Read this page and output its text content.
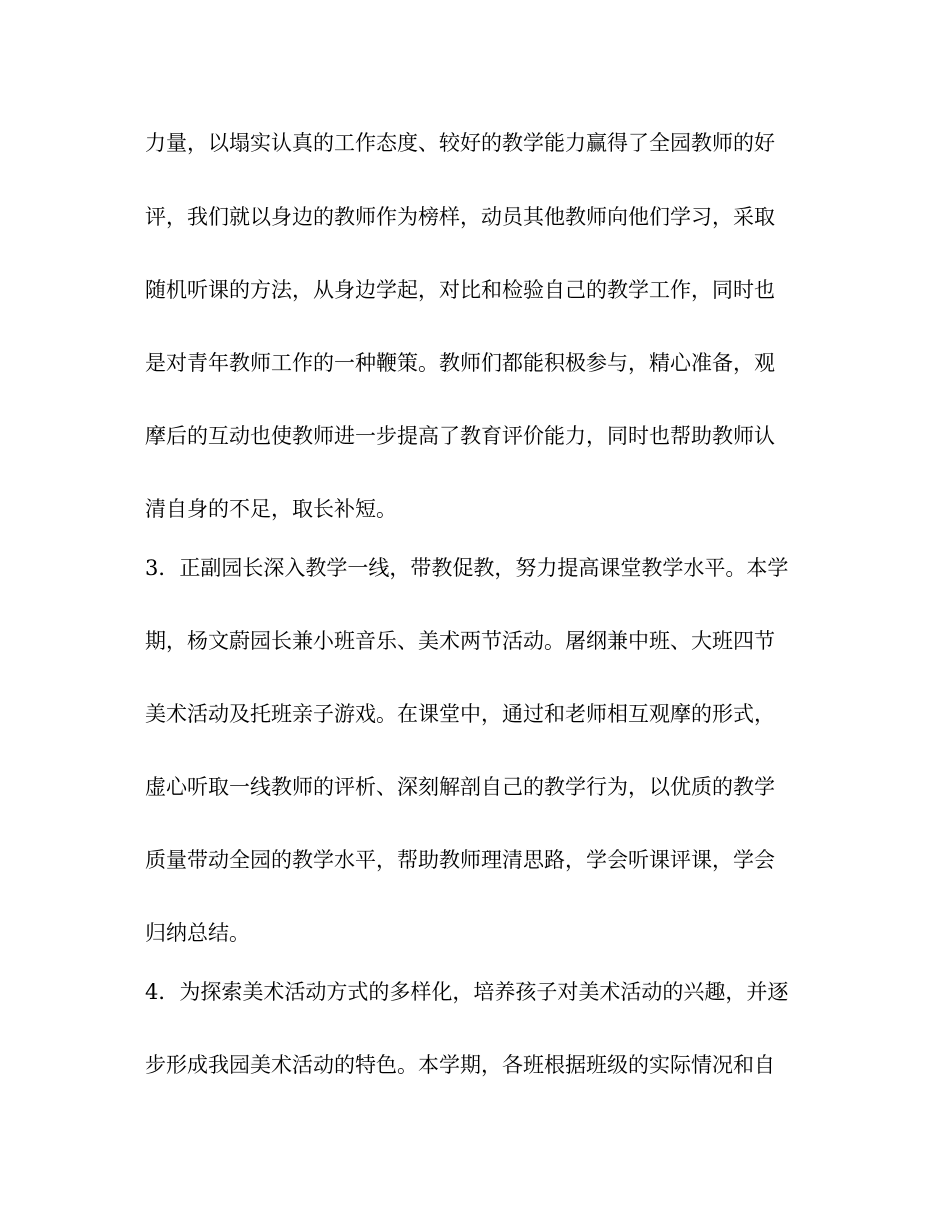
力量，以塌实认真的工作态度、较好的教学能力赢得了全园教师的好
评，我们就以身边的教师作为榜样，动员其他教师向他们学习，采取
随机听课的方法，从身边学起，对比和检验自己的教学工作，同时也
是对青年教师工作的一种鞭策。教师们都能积极参与，精心准备，观
摩后的互动也使教师进一步提高了教育评价能力，同时也帮助教师认
清自身的不足，取长补短。
3．正副园长深入教学一线，带教促教，努力提高课堂教学水平。本学
期，杨文蔚园长兼小班音乐、美术两节活动。屠纲兼中班、大班四节
美术活动及托班亲子游戏。在课堂中，通过和老师相互观摩的形式，
虚心听取一线教师的评析、深刻解剖自己的教学行为，以优质的教学
质量带动全园的教学水平，帮助教师理清思路，学会听课评课，学会
归纳总结。
4．为探索美术活动方式的多样化，培养孩子对美术活动的兴趣，并逐
步形成我园美术活动的特色。本学期，各班根据班级的实际情况和自
